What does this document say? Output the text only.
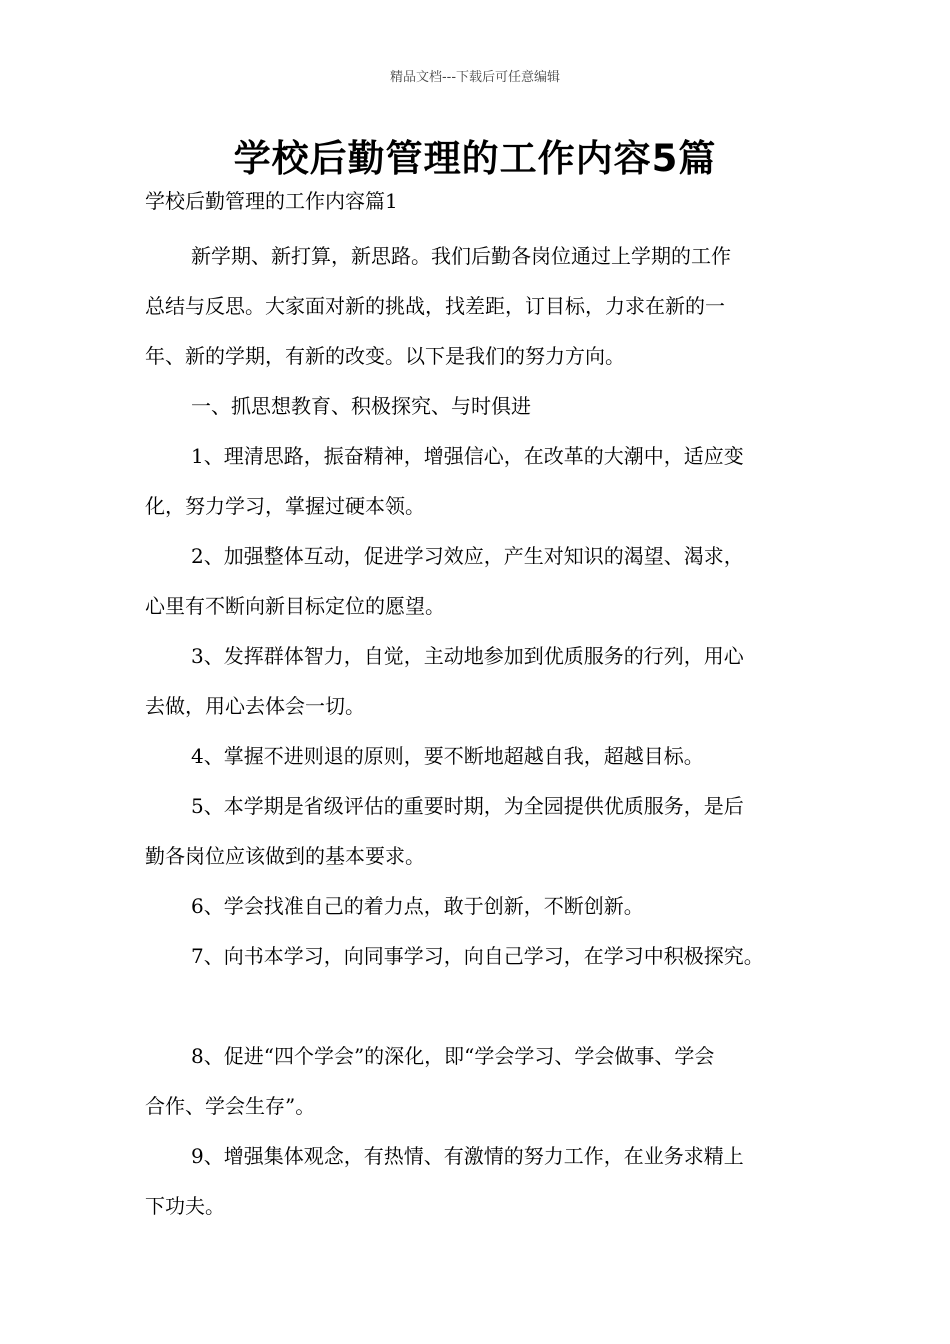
精品文档---下载后可任意编辑
学校后勤管理的工作内容5篇
学校后勤管理的工作内容篇1
新学期、新打算，新思路。我们后勤各岗位通过上学期的工作
总结与反思。大家面对新的挑战，找差距，订目标，力求在新的一
年、新的学期，有新的改变。以下是我们的努力方向。
一、抓思想教育、积极探究、与时俱进
1、理清思路，振奋精神，增强信心，在改革的大潮中，适应变
化，努力学习，掌握过硬本领。
2、加强整体互动，促进学习效应，产生对知识的渴望、渴求，
心里有不断向新目标定位的愿望。
3、发挥群体智力，自觉，主动地参加到优质服务的行列，用心
去做，用心去体会一切。
4、掌握不进则退的原则，要不断地超越自我，超越目标。
5、本学期是省级评估的重要时期，为全园提供优质服务，是后
勤各岗位应该做到的基本要求。
6、学会找准自己的着力点，敢于创新，不断创新。
7、向书本学习，向同事学习，向自己学习，在学习中积极探究。
8、促进“四个学会”的深化，即“学会学习、学会做事、学会
合作、学会生存”。
9、增强集体观念，有热情、有激情的努力工作，在业务求精上
下功夫。
